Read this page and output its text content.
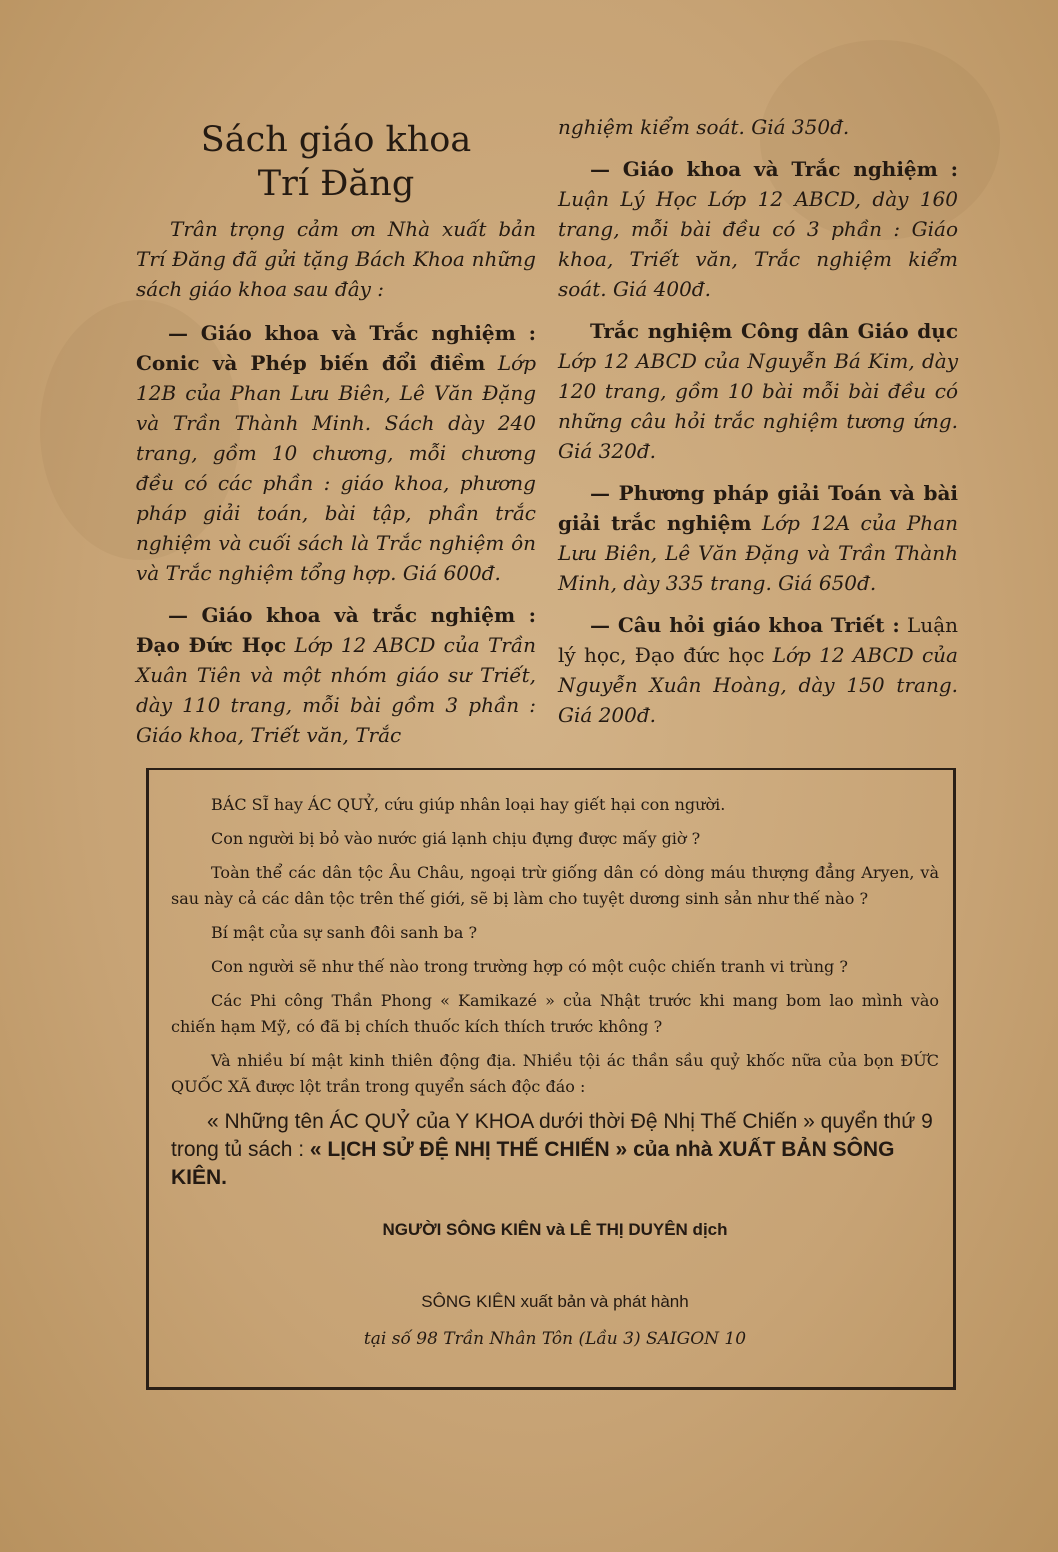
Sách giáo khoa
Trí Đăng

Trân trọng cảm ơn Nhà xuất bản Trí Đăng đã gửi tặng Bách Khoa những sách giáo khoa sau đây :

— Giáo khoa và Trắc nghiệm : Conic và Phép biến đổi điềm Lớp 12B của Phan Lưu Biên, Lê Văn Đặng và Trần Thành Minh. Sách dày 240 trang, gồm 10 chương, mỗi chương đều có các phần : giáo khoa, phương pháp giải toán, bài tập, phần trắc nghiệm và cuối sách là Trắc nghiệm ôn và Trắc nghiệm tổng hợp. Giá 600đ.

— Giáo khoa và trắc nghiệm : Đạo Đức Học Lớp 12 ABCD của Trần Xuân Tiên và một nhóm giáo sư Triết, dày 110 trang, mỗi bài gồm 3 phần : Giáo khoa, Triết văn, Trắc

nghiệm kiểm soát. Giá 350đ.

— Giáo khoa và Trắc nghiệm : Luận Lý Học Lớp 12 ABCD, dày 160 trang, mỗi bài đều có 3 phần : Giáo khoa, Triết văn, Trắc nghiệm kiểm soát. Giá 400đ.

Trắc nghiệm Công dân Giáo dục Lớp 12 ABCD của Nguyễn Bá Kim, dày 120 trang, gồm 10 bài mỗi bài đều có những câu hỏi trắc nghiệm tương ứng. Giá 320đ.

— Phương pháp giải Toán và bài giải trắc nghiệm Lớp 12A của Phan Lưu Biên, Lê Văn Đặng và Trần Thành Minh, dày 335 trang. Giá 650đ.

— Câu hỏi giáo khoa Triết : Luận lý học, Đạo đức học Lớp 12 ABCD của Nguyễn Xuân Hoàng, dày 150 trang. Giá 200đ.

BÁC SĨ hay ÁC QUỶ, cứu giúp nhân loại hay giết hại con người.

Con người bị bỏ vào nước giá lạnh chịu đựng được mấy giờ ?

Toàn thể các dân tộc Âu Châu, ngoại trừ giống dân có dòng máu thượng đẳng Aryen, và sau này cả các dân tộc trên thế giới, sẽ bị làm cho tuyệt dương sinh sản như thế nào ?

Bí mật của sự sanh đôi sanh ba ?

Con người sẽ như thế nào trong trường hợp có một cuộc chiến tranh vi trùng ?

Các Phi công Thần Phong « Kamikazé » của Nhật trước khi mang bom lao mình vào chiến hạm Mỹ, có đã bị chích thuốc kích thích trước không ?

Và nhiều bí mật kinh thiên động địa. Nhiều tội ác thần sầu quỷ khốc nữa của bọn ĐỨC QUỐC XÃ được lột trần trong quyển sách độc đáo :

« Những tên ÁC QUỶ của Y KHOA dưới thời Đệ Nhị Thế Chiến » quyển thứ 9 trong tủ sách : « LỊCH SỬ ĐỆ NHỊ THẾ CHIẾN » của nhà XUẤT BẢN SÔNG KIÊN.

NGƯỜI SÔNG KIÊN và LÊ THỊ DUYÊN dịch

SÔNG KIÊN xuất bản và phát hành

tại số 98 Trần Nhân Tôn (Lầu 3) SAIGON 10
